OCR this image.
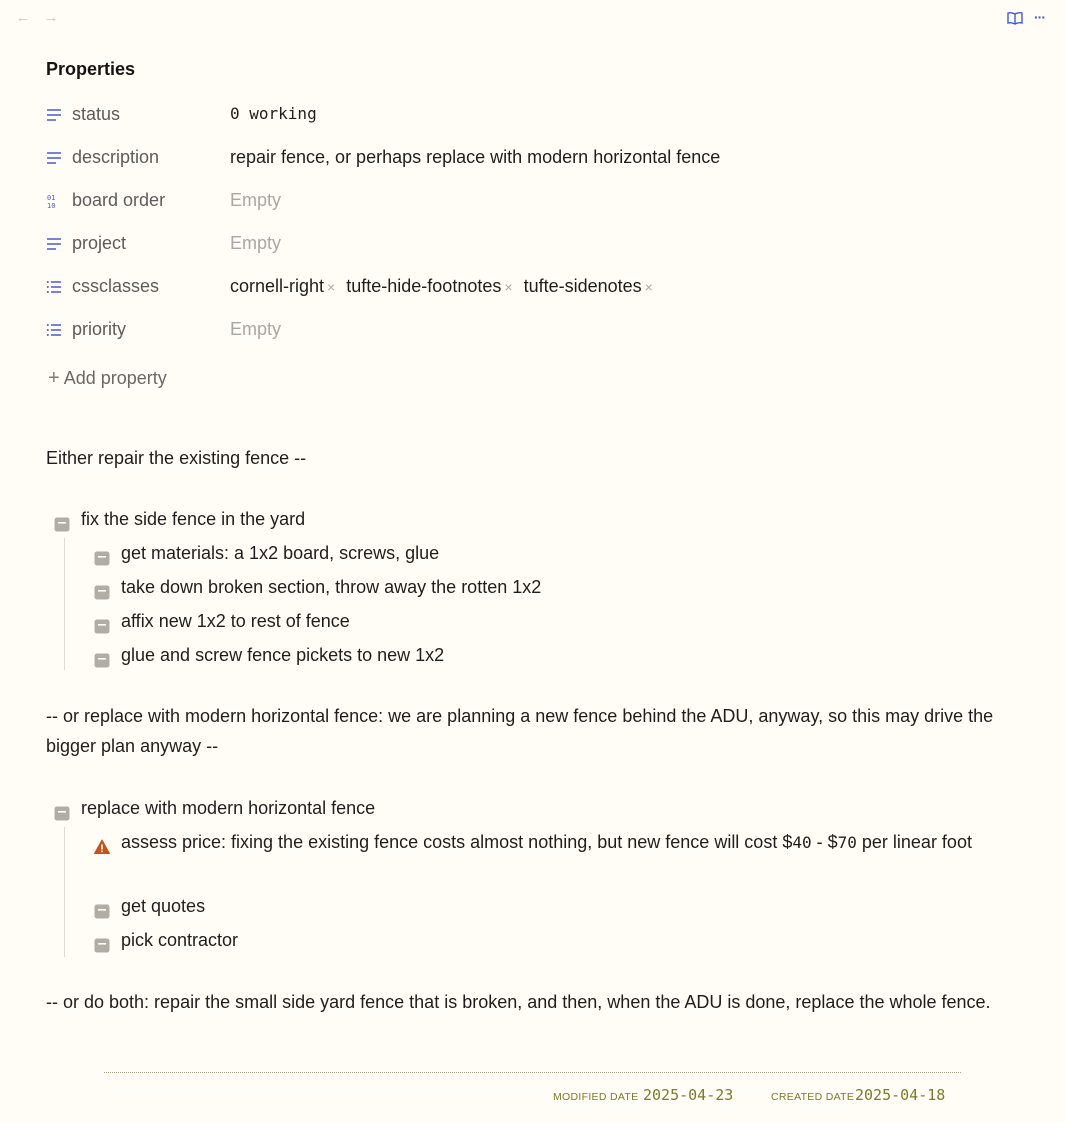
← →	···
Properties
status	0 working
description	repair fence, or perhaps replace with modern horizontal fence
01
10 board order	Empty
project	Empty
cssclasses	cornell-right × tufte-hide-footnotes × tufte-sidenotes ×
priority	Empty
+ Add property
Either repair the existing fence --
fix the side fence in the yard
get materials: a 1x2 board, screws, glue
take down broken section, throw away the rotten 1x2
affix new 1x2 to rest of fence
glue and screw fence pickets to new 1x2
-- or replace with modern horizontal fence: we are planning a new fence behind the ADU, anyway, so this may drive the bigger plan anyway --
replace with modern horizontal fence
assess price: fixing the existing fence costs almost nothing, but new fence will cost $40 - $70 per linear foot
get quotes
pick contractor
-- or do both: repair the small side yard fence that is broken, and then, when the ADU is done, replace the whole fence.
MODIFIED DATE 2025-04-23	CREATED DATE 2025-04-18
